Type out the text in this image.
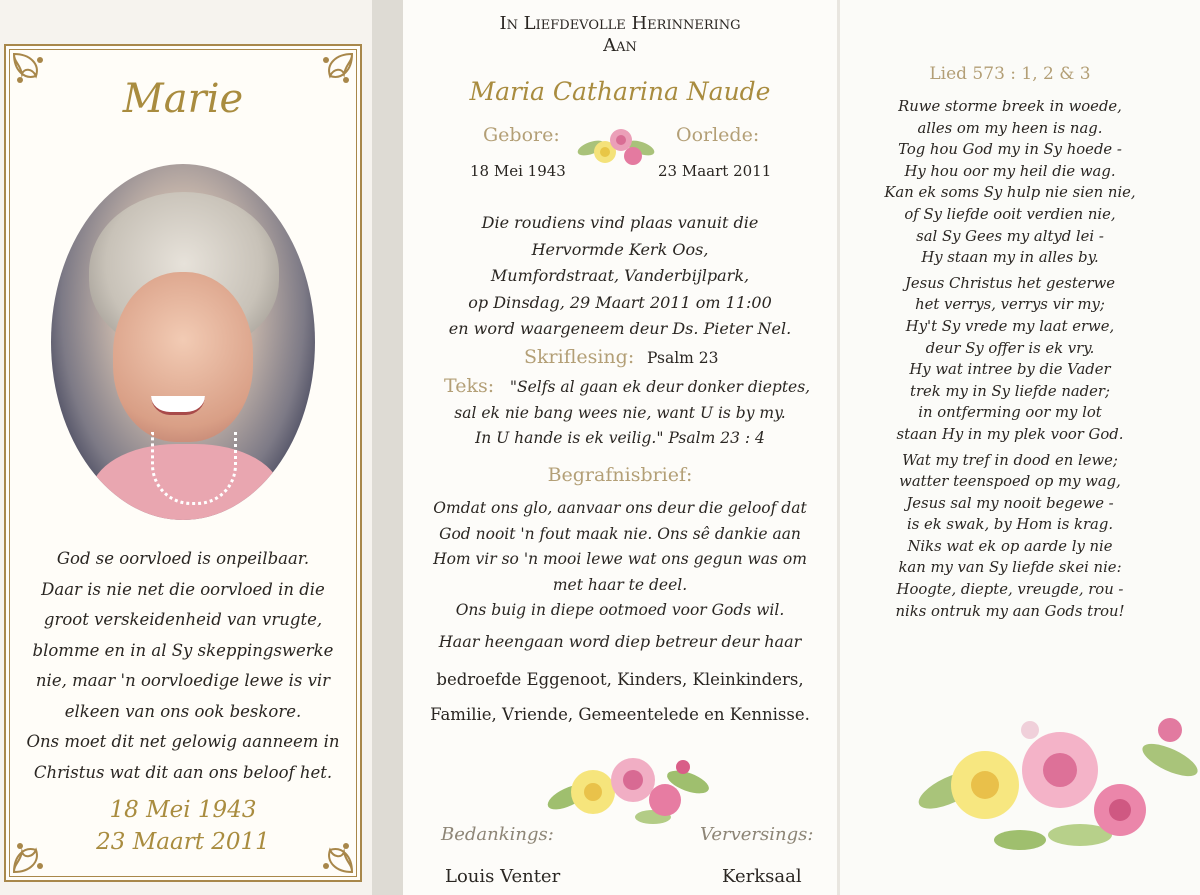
Marie
God se oorvloed is onpeilbaar.
Daar is nie net die oorvloed in die
groot verskeidenheid van vrugte,
blomme en in al Sy skeppingswerke
nie, maar 'n oorvloedige lewe is vir
elkeen van ons ook beskore.
Ons moet dit net gelowig aanneem in
Christus wat dit aan ons beloof het.
18 Mei 1943
23 Maart 2011
In Liefdevolle Herinnering
Aan
Maria Catharina Naude
Gebore:	Oorlede:
18 Mei 1943	23 Maart 2011
Die roudiens vind plaas vanuit die
Hervormde Kerk Oos,
Mumfordstraat, Vanderbijlpark,
op Dinsdag, 29 Maart 2011 om 11:00
en word waargeneem deur Ds. Pieter Nel.
Skriflesing: Psalm 23
Teks:	"Selfs al gaan ek deur donker dieptes,
sal ek nie bang wees nie, want U is by my.
In U hande is ek veilig." Psalm 23 : 4
Begrafnisbrief:
Omdat ons glo, aanvaar ons deur die geloof dat
God nooit 'n fout maak nie. Ons sê dankie aan
Hom vir so 'n mooi lewe wat ons gegun was om
met haar te deel.
Ons buig in diepe ootmoed voor Gods wil.
Haar heengaan word diep betreur deur haar
bedroefde Eggenoot, Kinders, Kleinkinders,
Familie, Vriende, Gemeentelede en Kennisse.
Bedankings:	Verversings:
Louis Venter	Kerksaal
Lied 573 : 1, 2 & 3
Ruwe storme breek in woede,
alles om my heen is nag.
Tog hou God my in Sy hoede -
Hy hou oor my heil die wag.
Kan ek soms Sy hulp nie sien nie,
of Sy liefde ooit verdien nie,
sal Sy Gees my altyd lei -
Hy staan my in alles by.
Jesus Christus het gesterwe
het verrys, verrys vir my;
Hy't Sy vrede my laat erwe,
deur Sy offer is ek vry.
Hy wat intree by die Vader
trek my in Sy liefde nader;
in ontferming oor my lot
staan Hy in my plek voor God.
Wat my tref in dood en lewe;
watter teenspoed op my wag,
Jesus sal my nooit begewe -
is ek swak, by Hom is krag.
Niks wat ek op aarde ly nie
kan my van Sy liefde skei nie:
Hoogte, diepte, vreugde, rou -
niks ontruk my aan Gods trou!
